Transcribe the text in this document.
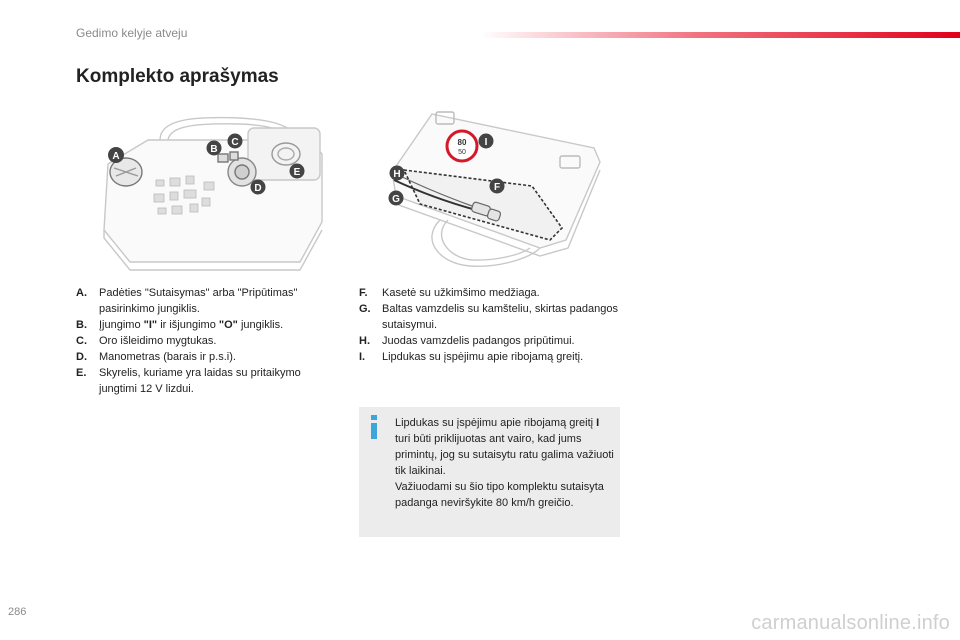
Gedimo kelyje atveju
Komplekto aprašymas
A
B
C
D
E
80
50
I
H
F
G
A. Padėties "Sutaisymas" arba "Pripūtimas" pasirinkimo jungiklis.
B. Įjungimo "I" ir išjungimo "O" jungiklis.
C. Oro išleidimo mygtukas.
D. Manometras (barais ir p.s.i).
E. Skyrelis, kuriame yra laidas su pritaikymo jungtimi 12 V lizdui.
F. Kasetė su užkimšimo medžiaga.
G. Baltas vamzdelis su kamšteliu, skirtas padangos sutaisymui.
H. Juodas vamzdelis padangos pripūtimui.
I. Lipdukas su įspėjimu apie ribojamą greitį.
Lipdukas su įspėjimu apie ribojamą greitį I turi būti priklijuotas ant vairo, kad jums primintų, jog su sutaisytu ratu galima važiuoti tik laikinai.
Važiuodami su šio tipo komplektu sutaisyta padanga neviršykite 80 km/h greičio.
286	carmanualsonline.info
